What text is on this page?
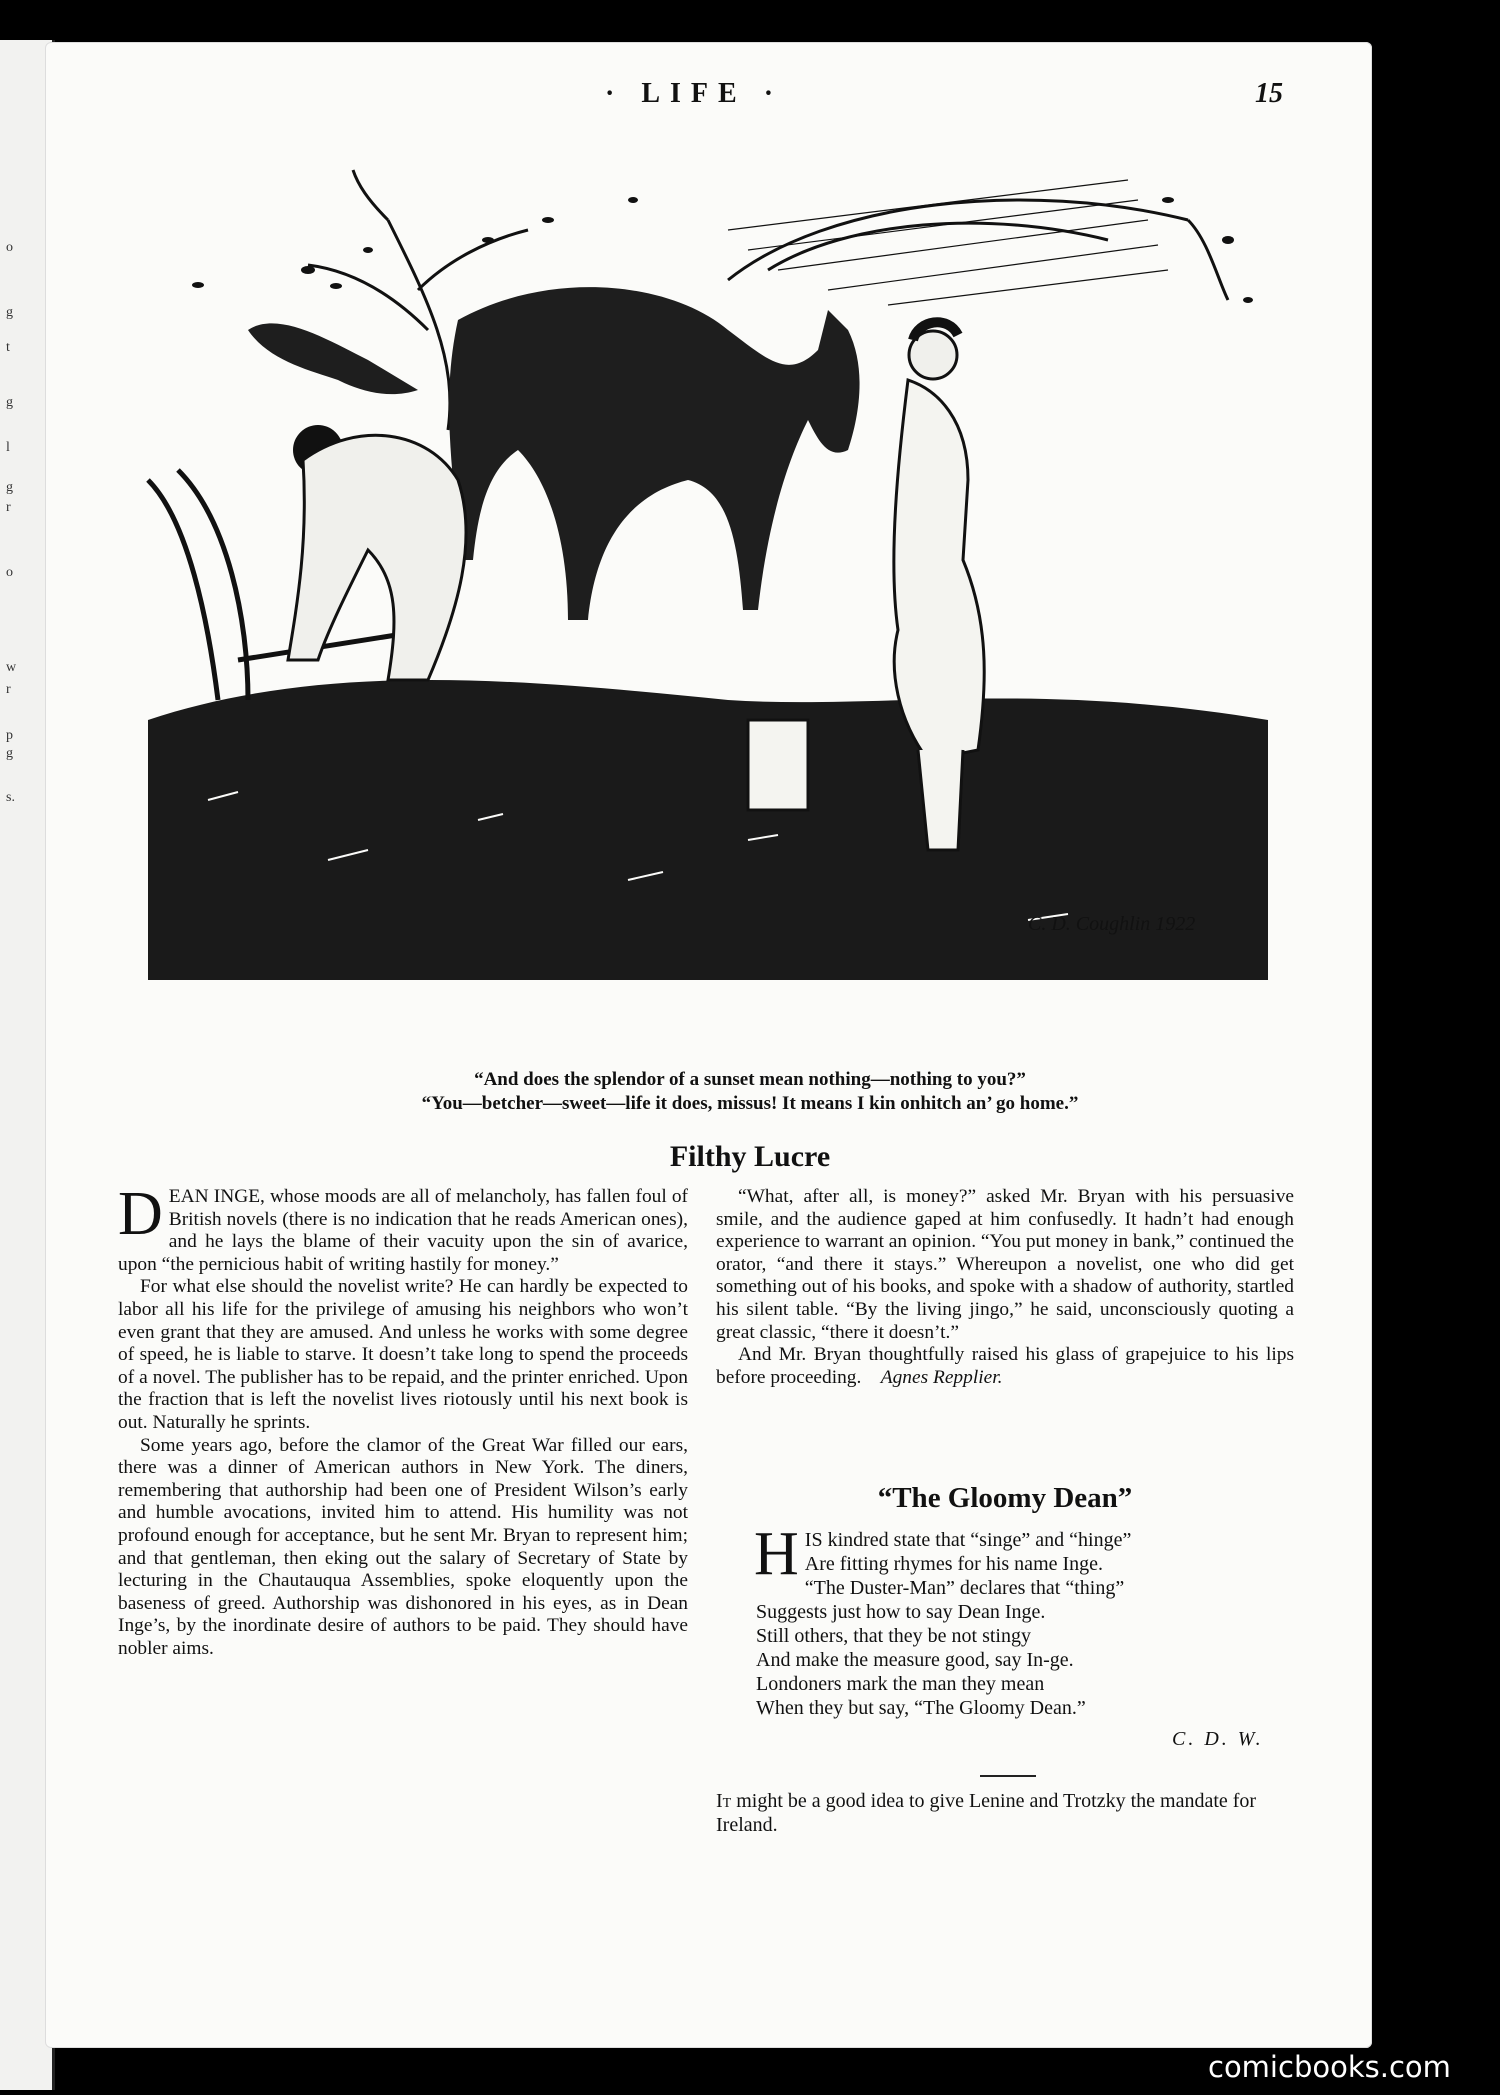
o
g
t
g
l
g
r
o
w
r
p
g
s.
· LIFE ·	15
C. D. Coughlin 1922
“And does the splendor of a sunset mean nothing—nothing to you?”
“You—betcher—sweet—life it does, missus! It means I kin onhitch an’ go home.”
Filthy Lucre

DEAN INGE, whose moods are all of melancholy, has fallen foul of British novels (there is no indication that he reads American ones), and he lays the blame of their vacuity upon the sin of avarice, upon “the pernicious habit of writing hastily for money.”

For what else should the novelist write? He can hardly be expected to labor all his life for the privilege of amusing his neighbors who won’t even grant that they are amused. And unless he works with some degree of speed, he is liable to starve. It doesn’t take long to spend the proceeds of a novel. The publisher has to be repaid, and the printer enriched. Upon the fraction that is left the novelist lives riotously until his next book is out. Naturally he sprints.

Some years ago, before the clamor of the Great War filled our ears, there was a dinner of American authors in New York. The diners, remembering that authorship had been one of President Wilson’s early and humble avocations, invited him to attend. His humility was not profound enough for acceptance, but he sent Mr. Bryan to represent him; and that gentleman, then eking out the salary of Secretary of State by lecturing in the Chautauqua Assemblies, spoke eloquently upon the baseness of greed. Authorship was dishonored in his eyes, as in Dean Inge’s, by the inordinate desire of authors to be paid. They should have nobler aims.

“What, after all, is money?” asked Mr. Bryan with his persuasive smile, and the audience gaped at him confusedly. It hadn’t had enough experience to warrant an opinion. “You put money in bank,” continued the orator, “and there it stays.” Whereupon a novelist, one who did get something out of his books, and spoke with a shadow of authority, startled his silent table. “By the living jingo,” he said, unconsciously quoting a great classic, “there it doesn’t.”

And Mr. Bryan thoughtfully raised his glass of grapejuice to his lips before proceeding. Agnes Repplier.

“The Gloomy Dean”
H IS kindred state that “singe” and “hinge”
Are fitting rhymes for his name Inge.
“The Duster-Man” declares that “thing”
Suggests just how to say Dean Inge.
Still others, that they be not stingy
And make the measure good, say In-ge.
Londoners mark the man they mean
When they but say, “The Gloomy Dean.”
C. D. W.
It might be a good idea to give Lenine and Trotzky the mandate for Ireland.
comicbooks.com
